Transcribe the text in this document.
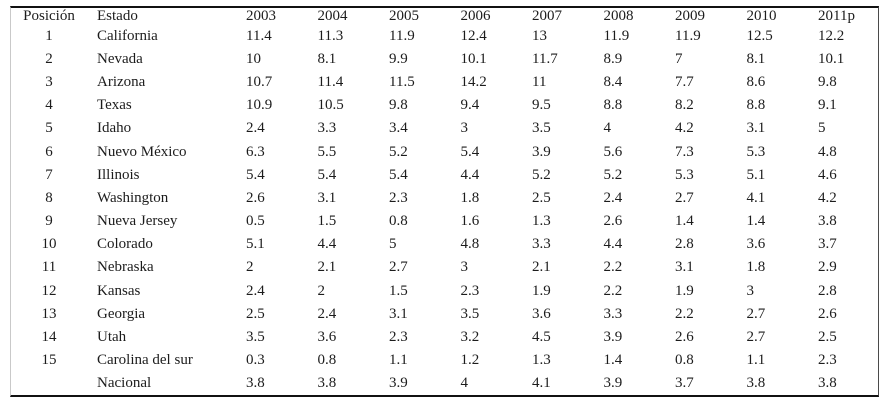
Posición	Estado	2003	2004	2005	2006	2007	2008	2009	2010	2011p
1	California	11.4	11.3	11.9	12.4	13	11.9	11.9	12.5	12.2
2	Nevada	10	8.1	9.9	10.1	11.7	8.9	7	8.1	10.1
3	Arizona	10.7	11.4	11.5	14.2	11	8.4	7.7	8.6	9.8
4	Texas	10.9	10.5	9.8	9.4	9.5	8.8	8.2	8.8	9.1
5	Idaho	2.4	3.3	3.4	3	3.5	4	4.2	3.1	5
6	Nuevo México	6.3	5.5	5.2	5.4	3.9	5.6	7.3	5.3	4.8
7	Illinois	5.4	5.4	5.4	4.4	5.2	5.2	5.3	5.1	4.6
8	Washington	2.6	3.1	2.3	1.8	2.5	2.4	2.7	4.1	4.2
9	Nueva Jersey	0.5	1.5	0.8	1.6	1.3	2.6	1.4	1.4	3.8
10	Colorado	5.1	4.4	5	4.8	3.3	4.4	2.8	3.6	3.7
11	Nebraska	2	2.1	2.7	3	2.1	2.2	3.1	1.8	2.9
12	Kansas	2.4	2	1.5	2.3	1.9	2.2	1.9	3	2.8
13	Georgia	2.5	2.4	3.1	3.5	3.6	3.3	2.2	2.7	2.6
14	Utah	3.5	3.6	2.3	3.2	4.5	3.9	2.6	2.7	2.5
15	Carolina del sur	0.3	0.8	1.1	1.2	1.3	1.4	0.8	1.1	2.3
	Nacional	3.8	3.8	3.9	4	4.1	3.9	3.7	3.8	3.8
